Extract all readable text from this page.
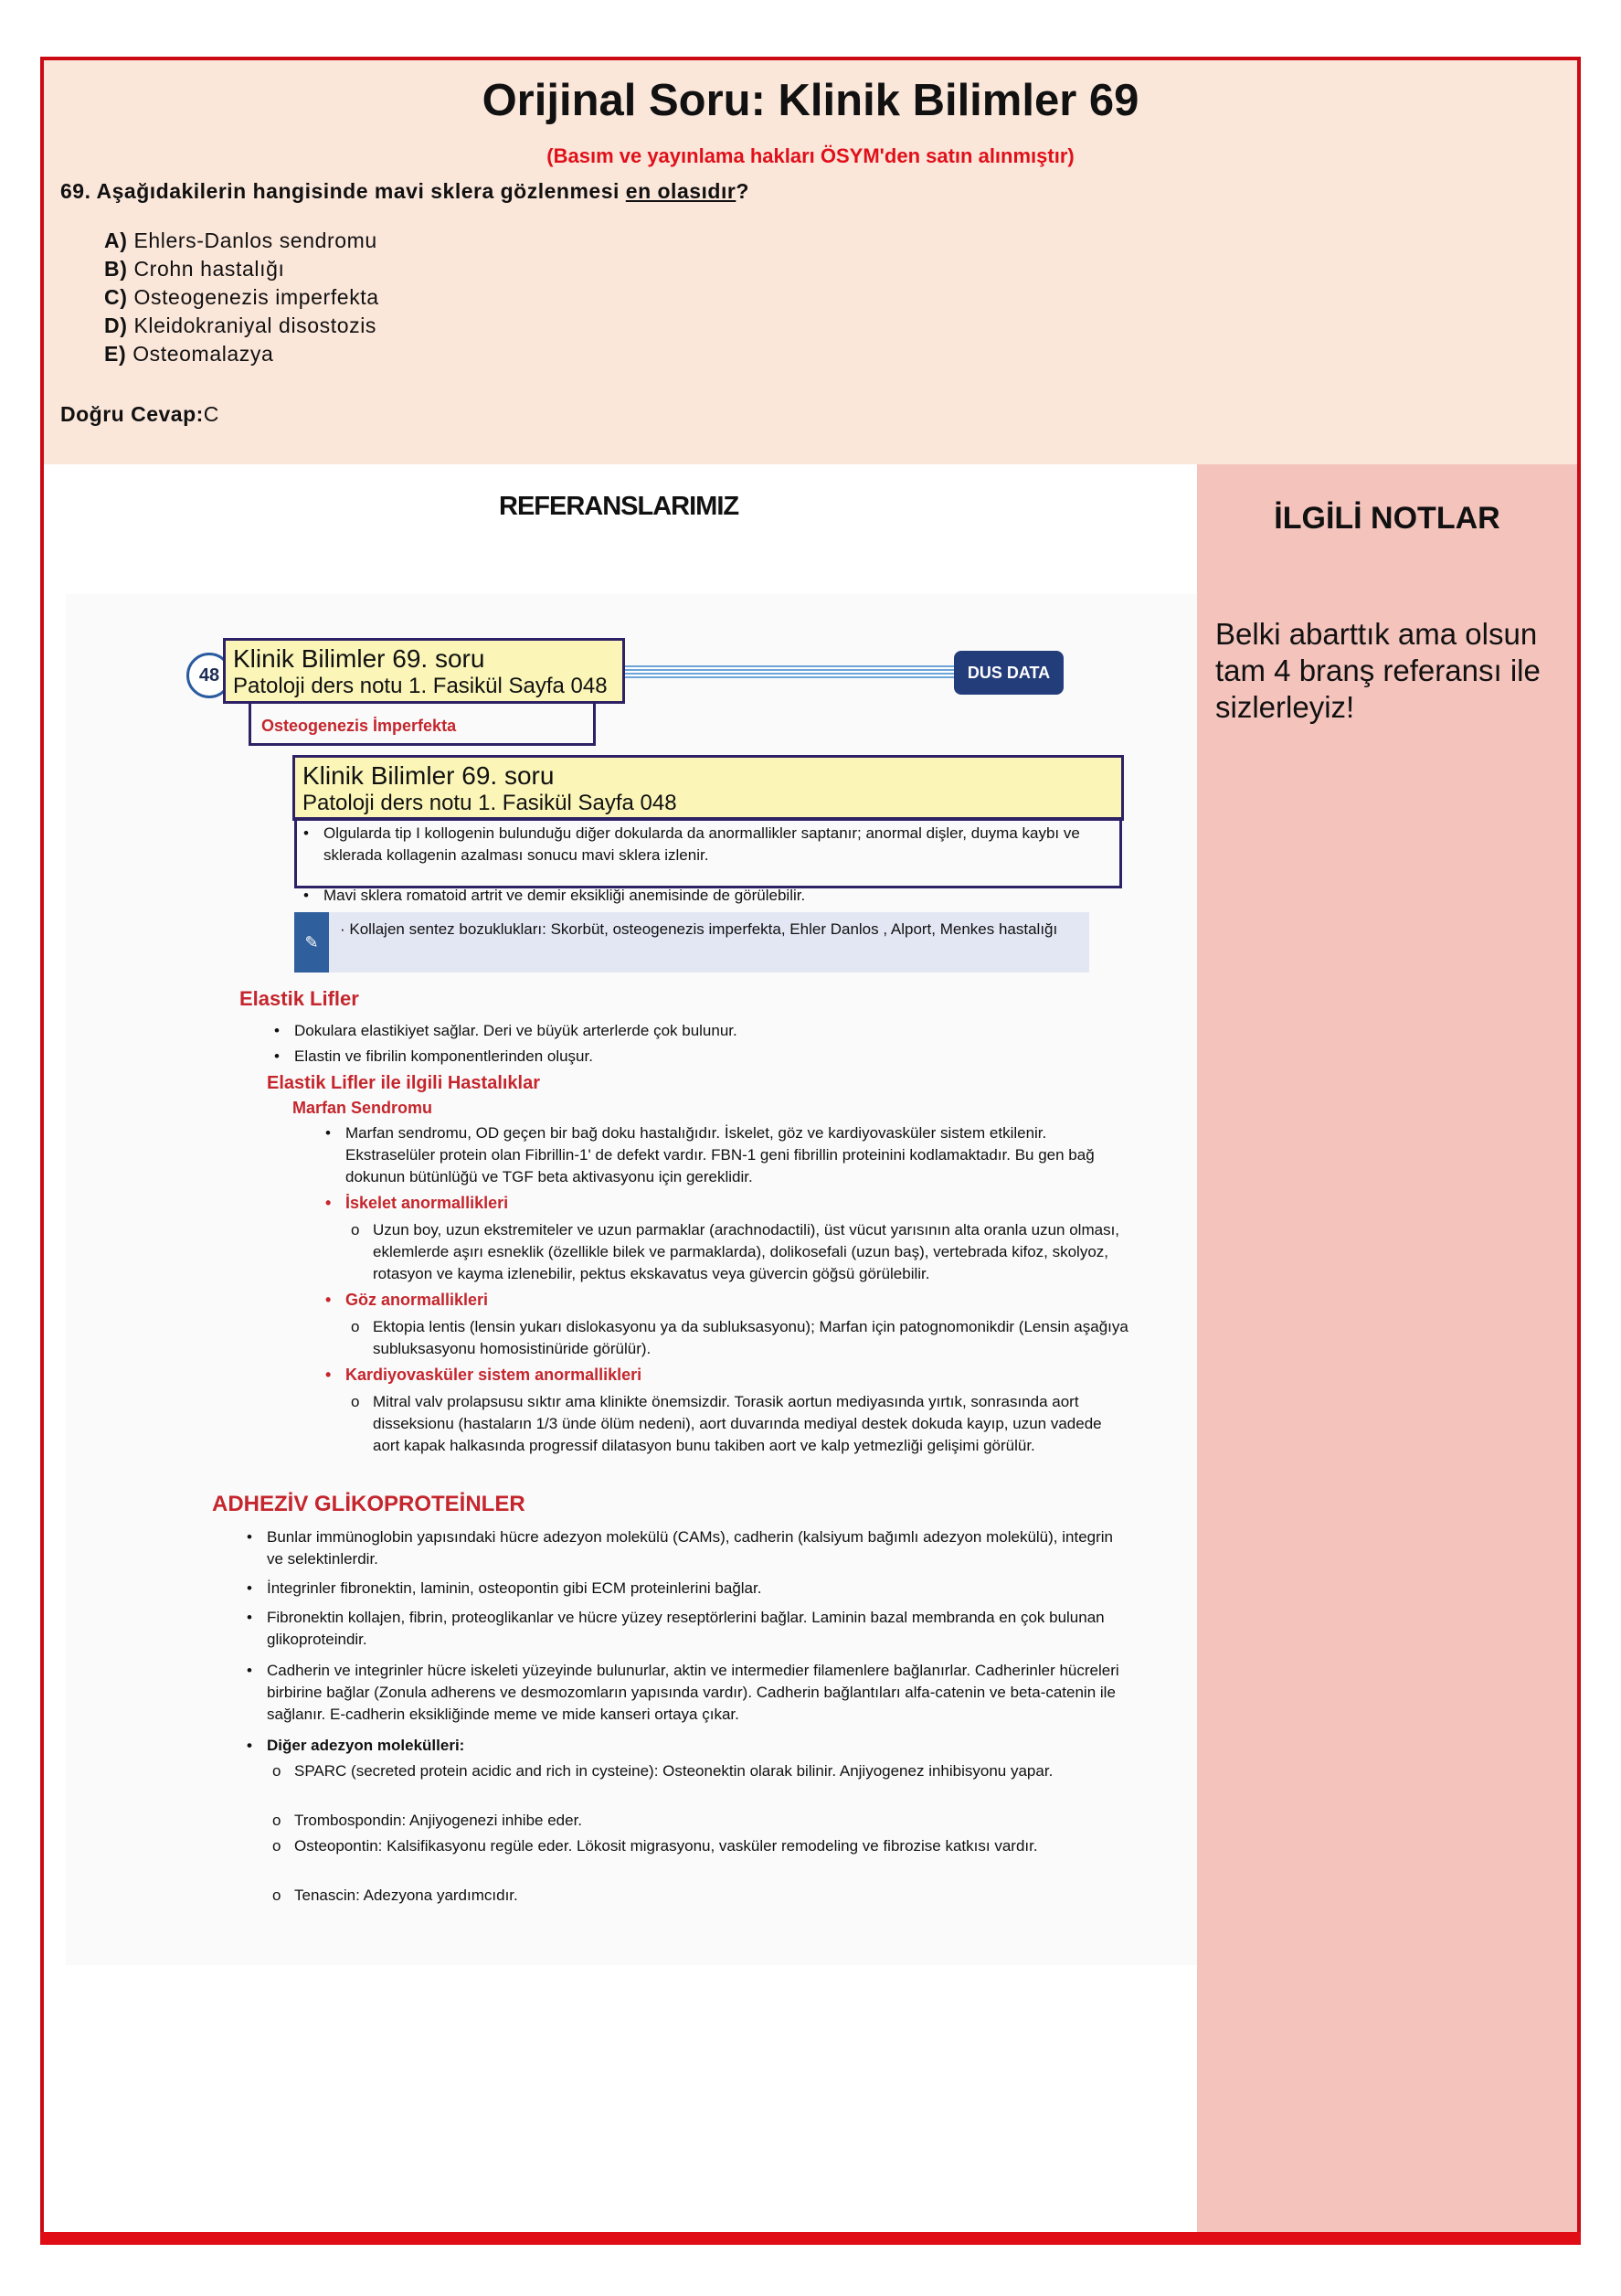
Orijinal Soru: Klinik Bilimler 69
(Basım ve yayınlama hakları ÖSYM'den satın alınmıştır)
69. Aşağıdakilerin hangisinde mavi sklera gözlenmesi en olasıdır?
A) Ehlers-Danlos sendromu
B) Crohn hastalığı
C) Osteogenezis imperfekta
D) Kleidokraniyal disostozis
E) Osteomalazya
Doğru Cevap:C
REFERANSLARIMIZ
48	DUS DATA
Klinik Bilimler 69. soru
Patoloji ders notu 1. Fasikül Sayfa 048
Osteogenezis İmperfekta
Klinik Bilimler 69. soru
Patoloji ders notu 1. Fasikül Sayfa 048
• Olgularda tip I kollogenin bulunduğu diğer dokularda da anormallikler saptanır; anormal dişler, duyma kaybı ve sklerada kollagenin azalması sonucu mavi sklera izlenir.
• Mavi sklera romatoid artrit ve demir eksikliği anemisinde de görülebilir.
✎
· Kollajen sentez bozuklukları: Skorbüt, osteogenezis imperfekta, Ehler Danlos , Alport, Menkes hastalığı
Elastik Lifler
• Dokulara elastikiyet sağlar. Deri ve büyük arterlerde çok bulunur.
• Elastin ve fibrilin komponentlerinden oluşur.
Elastik Lifler ile ilgili Hastalıklar
Marfan Sendromu
• Marfan sendromu, OD geçen bir bağ doku hastalığıdır. İskelet, göz ve kardiyovasküler sistem etkilenir. Ekstraselüler protein olan Fibrillin-1' de defekt vardır. FBN-1 geni fibrillin proteinini kodlamaktadır. Bu gen bağ dokunun bütünlüğü ve TGF beta aktivasyonu için gereklidir.
• İskelet anormallikleri
o Uzun boy, uzun ekstremiteler ve uzun parmaklar (arachnodactili), üst vücut yarısının alta oranla uzun olması, eklemlerde aşırı esneklik (özellikle bilek ve parmaklarda), dolikosefali (uzun baş), vertebrada kifoz, skolyoz, rotasyon ve kayma izlenebilir, pektus ekskavatus veya güvercin göğsü görülebilir.
• Göz anormallikleri
o Ektopia lentis (lensin yukarı dislokasyonu ya da subluksasyonu); Marfan için patognomonikdir (Lensin aşağıya subluksasyonu homosistinüride görülür).
• Kardiyovasküler sistem anormallikleri
o Mitral valv prolapsusu sıktır ama klinikte önemsizdir. Torasik aortun mediyasında yırtık, sonrasında aort disseksionu (hastaların 1/3 ünde ölüm nedeni), aort duvarında mediyal destek dokuda kayıp, uzun vadede aort kapak halkasında progressif dilatasyon bunu takiben aort ve kalp yetmezliği gelişimi görülür.
ADHEZİV GLİKOPROTEİNLER
• Bunlar immünoglobin yapısındaki hücre adezyon molekülü (CAMs), cadherin (kalsiyum bağımlı adezyon molekülü), integrin ve selektinlerdir.
• İntegrinler fibronektin, laminin, osteopontin gibi ECM proteinlerini bağlar.
• Fibronektin kollajen, fibrin, proteoglikanlar ve hücre yüzey reseptörlerini bağlar. Laminin bazal membranda en çok bulunan glikoproteindir.
• Cadherin ve integrinler hücre iskeleti yüzeyinde bulunurlar, aktin ve intermedier filamenlere bağlanırlar. Cadherinler hücreleri birbirine bağlar (Zonula adherens ve desmozomların yapısında vardır). Cadherin bağlantıları alfa-catenin ve beta-catenin ile sağlanır. E-cadherin eksikliğinde meme ve mide kanseri ortaya çıkar.
• Diğer adezyon molekülleri:
o SPARC (secreted protein acidic and rich in cysteine): Osteonektin olarak bilinir. Anjiyogenez inhibisyonu yapar.
o Trombospondin: Anjiyogenezi inhibe eder.
o Osteopontin: Kalsifikasyonu regüle eder. Lökosit migrasyonu, vasküler remodeling ve fibrozise katkısı vardır.
o Tenascin: Adezyona yardımcıdır.
İLGİLİ NOTLAR
Belki abarttık ama olsun tam 4 branş referansı ile sizlerleyiz!
